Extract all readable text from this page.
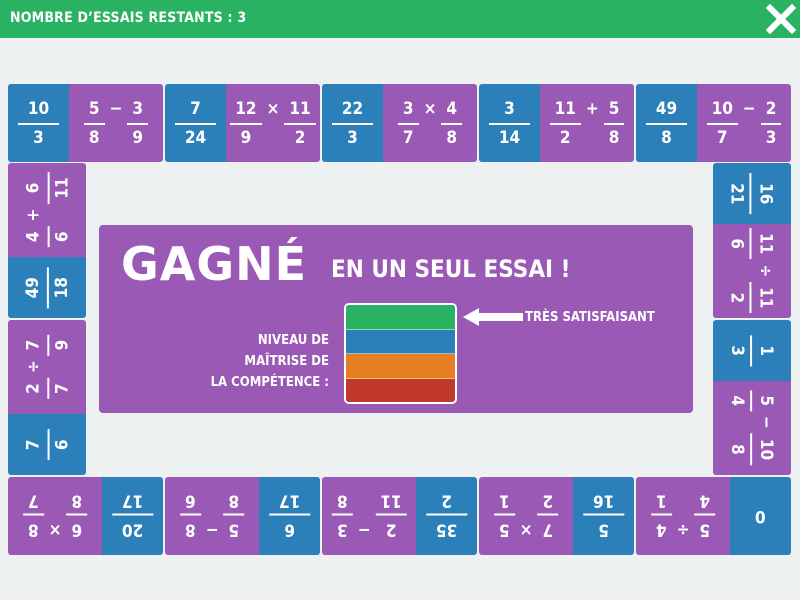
$\frac{10}{3} \frac{5}{8} - \frac{3}{9} \frac{7}{24} \frac{12}{9} \times \frac{11}{2} \frac{22}{3} \frac{3}{7} \times \frac{4}{8} \frac{3}{14} \frac{11}{2} + \frac{5}{8} \frac{49}{8} \frac{10}{7} - \frac{2}{3}$
16
21
11
6
÷
11
2
1
3
5
4
−
10
8
5
4
÷
4
1
0
7
2
×
5
1
5
16
2
11
−
3
8
35
2
5
8
−
8
6
6
17
6
8
×
8
7
20
17
2 7
÷
7 9
7 6
4 6
+
6 11
49 18
NOMBRE D’ESSAIS RESTANTS : 3
GAGNÉ EN UN SEUL ESSAI !
NIVEAU DE MAÎTRISE DE
LA COMPÉTENCE :
TRÈS SATISFAISANT
